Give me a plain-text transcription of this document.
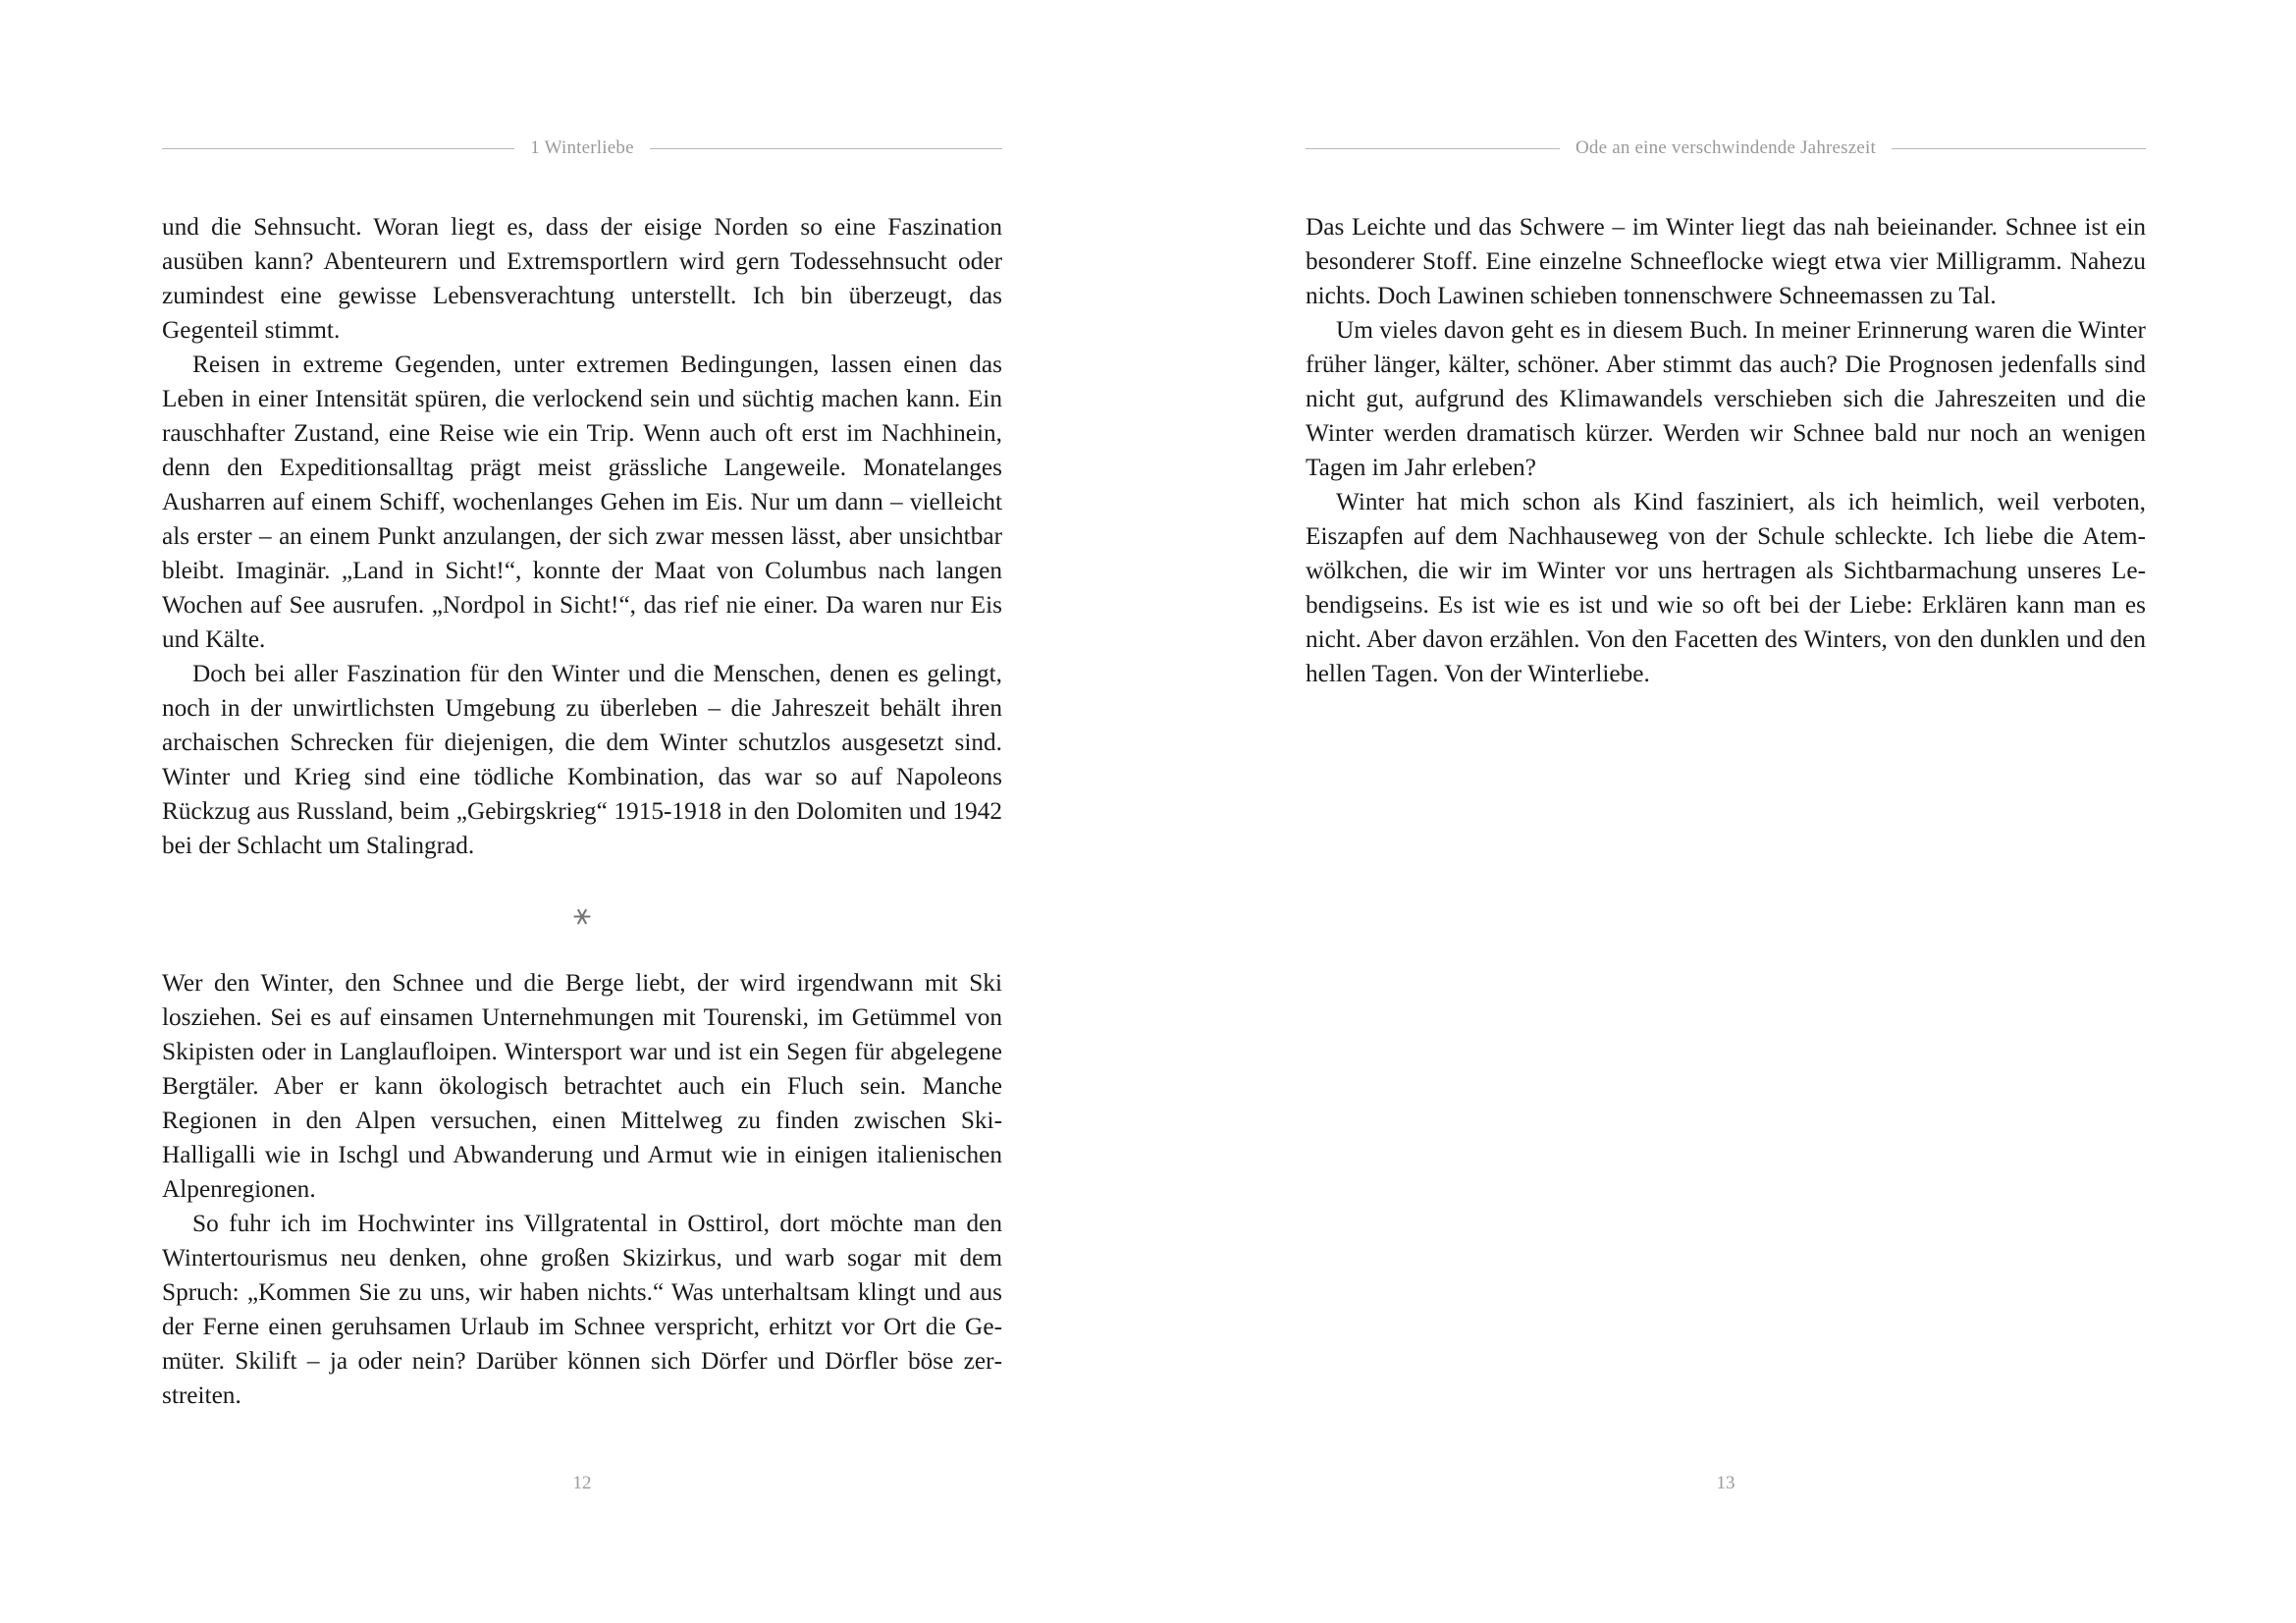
1 Winterliebe

und die Sehnsucht. Woran liegt es, dass der eisige Norden so eine Faszination ausüben kann? Abenteurern und Extremsportlern wird gern Todessehnsucht oder zumindest eine gewisse Lebensverachtung unterstellt. Ich bin überzeugt, das Gegenteil stimmt.

Reisen in extreme Gegenden, unter extremen Bedingungen, lassen einen das Leben in einer Intensität spüren, die verlockend sein und süchtig machen kann. Ein rauschhafter Zustand, eine Reise wie ein Trip. Wenn auch oft erst im Nachhinein, denn den Expeditionsalltag prägt meist grässliche Langeweile. Monatelanges Ausharren auf einem Schiff, wochenlanges Gehen im Eis. Nur um dann – vielleicht als erster – an einem Punkt anzulangen, der sich zwar messen lässt, aber unsichtbar bleibt. Imaginär. „Land in Sicht!“, konnte der Maat von Columbus nach langen Wochen auf See ausrufen. „Nordpol in Sicht!“, das rief nie einer. Da waren nur Eis und Kälte.

Doch bei aller Faszination für den Winter und die Menschen, denen es gelingt, noch in der unwirtlichsten Umgebung zu überleben – die Jahreszeit behält ihren archaischen Schrecken für diejenigen, die dem Winter schutzlos ausgesetzt sind. Winter und Krieg sind eine tödliche Kombination, das war so auf Napoleons Rückzug aus Russland, beim „Gebirgskrieg“ 1915-1918 in den Dolomiten und 1942 bei der Schlacht um Stalingrad.

⚹

Wer den Winter, den Schnee und die Berge liebt, der wird irgendwann mit Ski losziehen. Sei es auf einsamen Unternehmungen mit Tourenski, im Getümmel von Skipisten oder in Langlaufloipen. Wintersport war und ist ein Segen für abgelegene Bergtäler. Aber er kann ökologisch betrachtet auch ein Fluch sein. Manche Regionen in den Alpen versuchen, einen Mittelweg zu finden zwischen Ski-Halligalli wie in Ischgl und Abwanderung und Armut wie in einigen italienischen Alpenregionen.

So fuhr ich im Hochwinter ins Villgratental in Osttirol, dort möchte man den Wintertourismus neu denken, ohne großen Skizirkus, und warb sogar mit dem Spruch: „Kommen Sie zu uns, wir haben nichts.“ Was unterhaltsam klingt und aus der Ferne einen geruhsamen Urlaub im Schnee verspricht, erhitzt vor Ort die Gemüter. Skilift – ja oder nein? Darüber können sich Dörfer und Dörfler böse zerstreiten.

12
Ode an eine verschwindende Jahreszeit

Das Leichte und das Schwere – im Winter liegt das nah beieinander. Schnee ist ein besonderer Stoff. Eine einzelne Schneeflocke wiegt etwa vier Milligramm. Nahezu nichts. Doch Lawinen schieben tonnenschwere Schneemassen zu Tal.

Um vieles davon geht es in diesem Buch. In meiner Erinnerung waren die Winter früher länger, kälter, schöner. Aber stimmt das auch? Die Prognosen jedenfalls sind nicht gut, aufgrund des Klimawandels verschieben sich die Jahreszeiten und die Winter werden dramatisch kürzer. Werden wir Schnee bald nur noch an wenigen Tagen im Jahr erleben?

Winter hat mich schon als Kind fasziniert, als ich heimlich, weil verboten, Eiszapfen auf dem Nachhauseweg von der Schule schleckte. Ich liebe die Atemwölkchen, die wir im Winter vor uns hertragen als Sichtbarmachung unseres Lebendigseins. Es ist wie es ist und wie so oft bei der Liebe: Erklären kann man es nicht. Aber davon erzählen. Von den Facetten des Winters, von den dunklen und den hellen Tagen. Von der Winterliebe.

13
